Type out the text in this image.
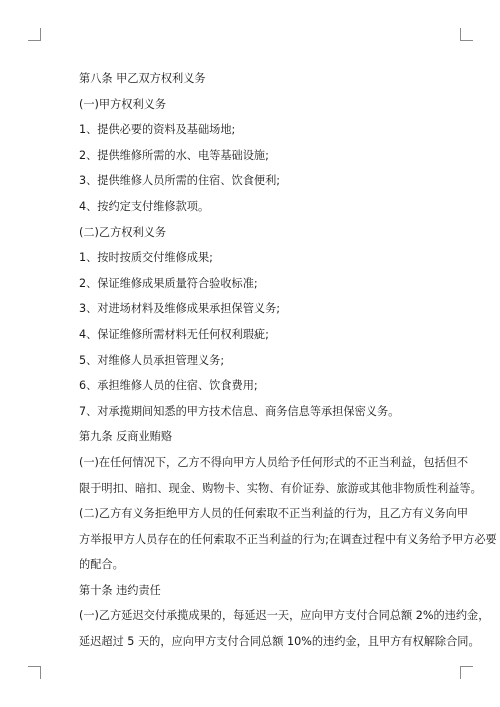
第八条 甲乙双方权利义务
(一)甲方权利义务
1、提供必要的资料及基础场地;
2、提供维修所需的水、电等基础设施;
3、提供维修人员所需的住宿、饮食便利;
4、按约定支付维修款项。
(二)乙方权利义务
1、按时按质交付维修成果;
2、保证维修成果质量符合验收标准;
3、对进场材料及维修成果承担保管义务;
4、保证维修所需材料无任何权利瑕疵;
5、对维修人员承担管理义务;
6、承担维修人员的住宿、饮食费用;
7、对承揽期间知悉的甲方技术信息、商务信息等承担保密义务。
第九条 反商业贿赂
(一)在任何情况下，乙方不得向甲方人员给予任何形式的不正当利益，包括但不
限于明扣、暗扣、现金、购物卡、实物、有价证券、旅游或其他非物质性利益等。
(二)乙方有义务拒绝甲方人员的任何索取不正当利益的行为，且乙方有义务向甲
方举报甲方人员存在的任何索取不正当利益的行为;在调查过程中有义务给予甲方必要
的配合。
第十条 违约责任
(一)乙方延迟交付承揽成果的，每延迟一天，应向甲方支付合同总额 2%的违约金，
延迟超过 5 天的，应向甲方支付合同总额 10%的违约金，且甲方有权解除合同。
